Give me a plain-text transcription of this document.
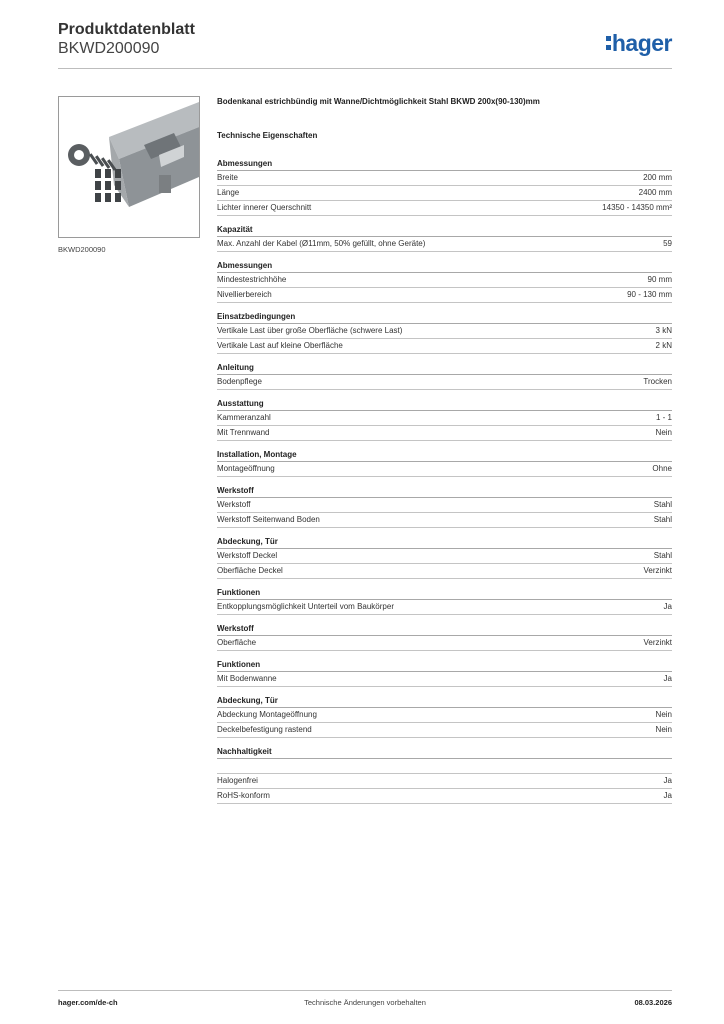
Produktdatenblatt

BKWD200090	hager
BKWD200090
Bodenkanal estrichbündig mit Wanne/Dichtmöglichkeit Stahl BKWD 200x(90-130)mm
Technische Eigenschaften
Abmessungen
Breite	200 mm
Länge	2400 mm
Lichter innerer Querschnitt	14350 - 14350 mm²
Kapazität
Max. Anzahl der Kabel (Ø11mm, 50% gefüllt, ohne Geräte)	59
Abmessungen
Mindestestrichhöhe	90 mm
Nivellierbereich	90 - 130 mm
Einsatzbedingungen
Vertikale Last über große Oberfläche (schwere Last)	3 kN
Vertikale Last auf kleine Oberfläche	2 kN
Anleitung
Bodenpflege	Trocken
Ausstattung
Kammeranzahl	1 - 1
Mit Trennwand	Nein
Installation, Montage
Montageöffnung	Ohne
Werkstoff
Werkstoff	Stahl
Werkstoff Seitenwand Boden	Stahl
Abdeckung, Tür
Werkstoff Deckel	Stahl
Oberfläche Deckel	Verzinkt
Funktionen
Entkopplungsmöglichkeit Unterteil vom Baukörper	Ja
Werkstoff
Oberfläche	Verzinkt
Funktionen
Mit Bodenwanne	Ja
Abdeckung, Tür
Abdeckung Montageöffnung	Nein
Deckelbefestigung rastend	Nein
Nachhaltigkeit
Halogenfrei	Ja
RoHS-konform	Ja
hager.com/de-ch	Technische Änderungen vorbehalten	08.03.2026
